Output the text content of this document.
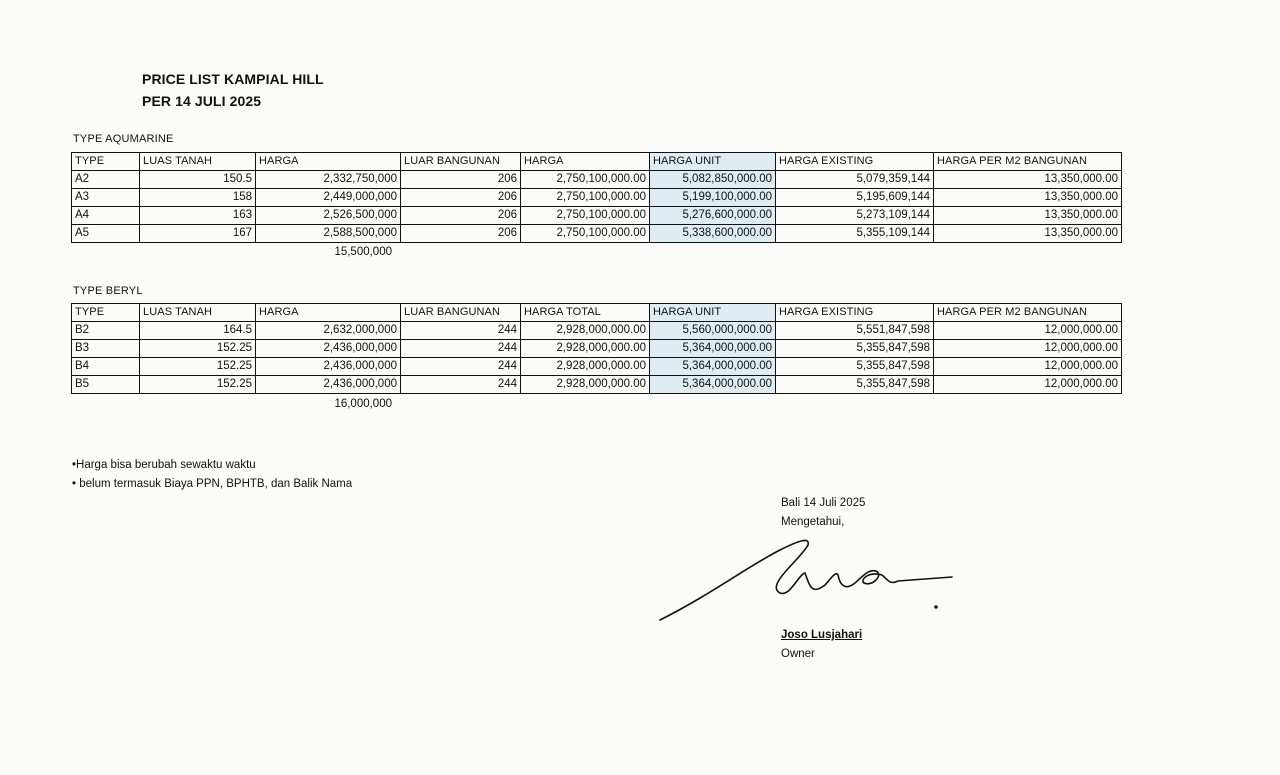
PRICE LIST KAMPIAL HILL
PER 14 JULI 2025
TYPE AQUMARINE
TYPE	LUAS TANAH	HARGA	LUAR BANGUNAN	HARGA	HARGA UNIT	HARGA EXISTING	HARGA PER M2 BANGUNAN
A2	150.5	2,332,750,000	206	2,750,100,000.00	5,082,850,000.00	5,079,359,144	13,350,000.00
A3	158	2,449,000,000	206	2,750,100,000.00	5,199,100,000.00	5,195,609,144	13,350,000.00
A4	163	2,526,500,000	206	2,750,100,000.00	5,276,600,000.00	5,273,109,144	13,350,000.00
A5	167	2,588,500,000	206	2,750,100,000.00	5,338,600,000.00	5,355,109,144	13,350,000.00
15,500,000
TYPE BERYL
TYPE	LUAS TANAH	HARGA	LUAR BANGUNAN	HARGA TOTAL	HARGA UNIT	HARGA EXISTING	HARGA PER M2 BANGUNAN
B2	164.5	2,632,000,000	244	2,928,000,000.00	5,560,000,000.00	5,551,847,598	12,000,000.00
B3	152.25	2,436,000,000	244	2,928,000,000.00	5,364,000,000.00	5,355,847,598	12,000,000.00
B4	152.25	2,436,000,000	244	2,928,000,000.00	5,364,000,000.00	5,355,847,598	12,000,000.00
B5	152.25	2,436,000,000	244	2,928,000,000.00	5,364,000,000.00	5,355,847,598	12,000,000.00
16,000,000
•Harga bisa berubah sewaktu waktu
• belum termasuk Biaya PPN, BPHTB, dan Balik Nama
Bali 14 Juli 2025
Mengetahui,
Joso Lusjahari
Owner
